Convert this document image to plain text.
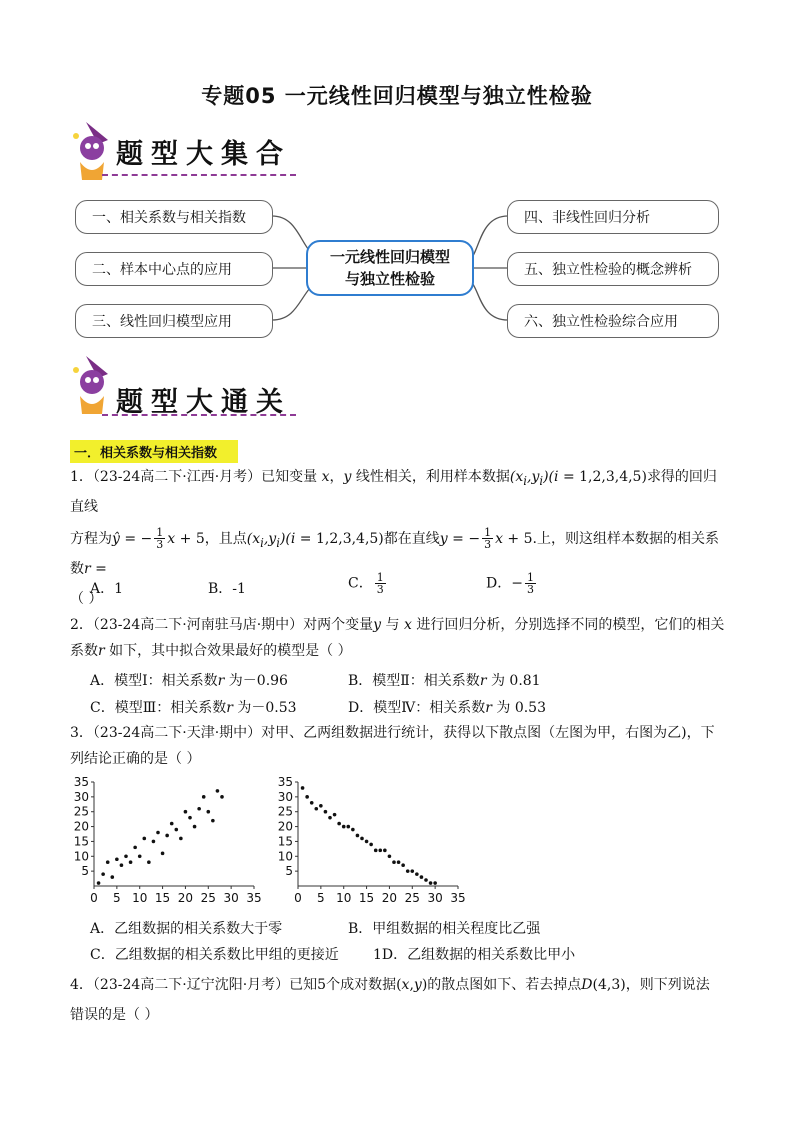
专题05 一元线性回归模型与独立性检验
题型大集合
一、相关系数与相关指数
二、样本中心点的应用
三、线性回归模型应用
一元线性回归模型
与独立性检验
四、非线性回归分析
五、独立性检验的概念辨析
六、独立性检验综合应用
题型大通关
一．相关系数与相关指数
1．（23-24高二下·江西·月考）已知变量 x，y 线性相关，利用样本数据$(x_i,y_i)(i = 1,2,3,4,5)$求得的回归直线
方程为ŷ = − $\frac{1}{3}$ x + 5，且点$(x_i,y_i)(i = 1,2,3,4,5)$都在直线y = − $\frac{1}{3}$ x + 5.上，则这组样本数据的相关系数r =
（ ）
A．1	B．-1	C． $\frac{1}{3}$	D．− $\frac{1}{3}$
2．（23-24高二下·河南驻马店·期中）对两个变量y 与 x 进行回归分析，分别选择不同的模型，它们的相关
系数r 如下，其中拟合效果最好的模型是（ ）
A．模型Ⅰ：相关系数r 为－0.96	B．模型Ⅱ：相关系数r 为 0.81
C．模型Ⅲ：相关系数r 为－0.53	D．模型Ⅳ：相关系数r 为 0.53
3．（23-24高二下·天津·期中）对甲、乙两组数据进行统计，获得以下散点图（左图为甲，右图为乙)，下
列结论正确的是（ ）
0 5 10 15 20 25 30 35
5
10
15
20
25
30
35
0 5 10 15 20 25 30 35
5
10
15
20
25
30
35
A．乙组数据的相关系数大于零	B．甲组数据的相关程度比乙强
C．乙组数据的相关系数比甲组的更接近 1D．乙组数据的相关系数比甲小
4．（23-24高二下·辽宁沈阳·月考）已知5个成对数据(x,y)的散点图如下、若去掉点D(4,3)，则下列说法
错误的是（ ）
